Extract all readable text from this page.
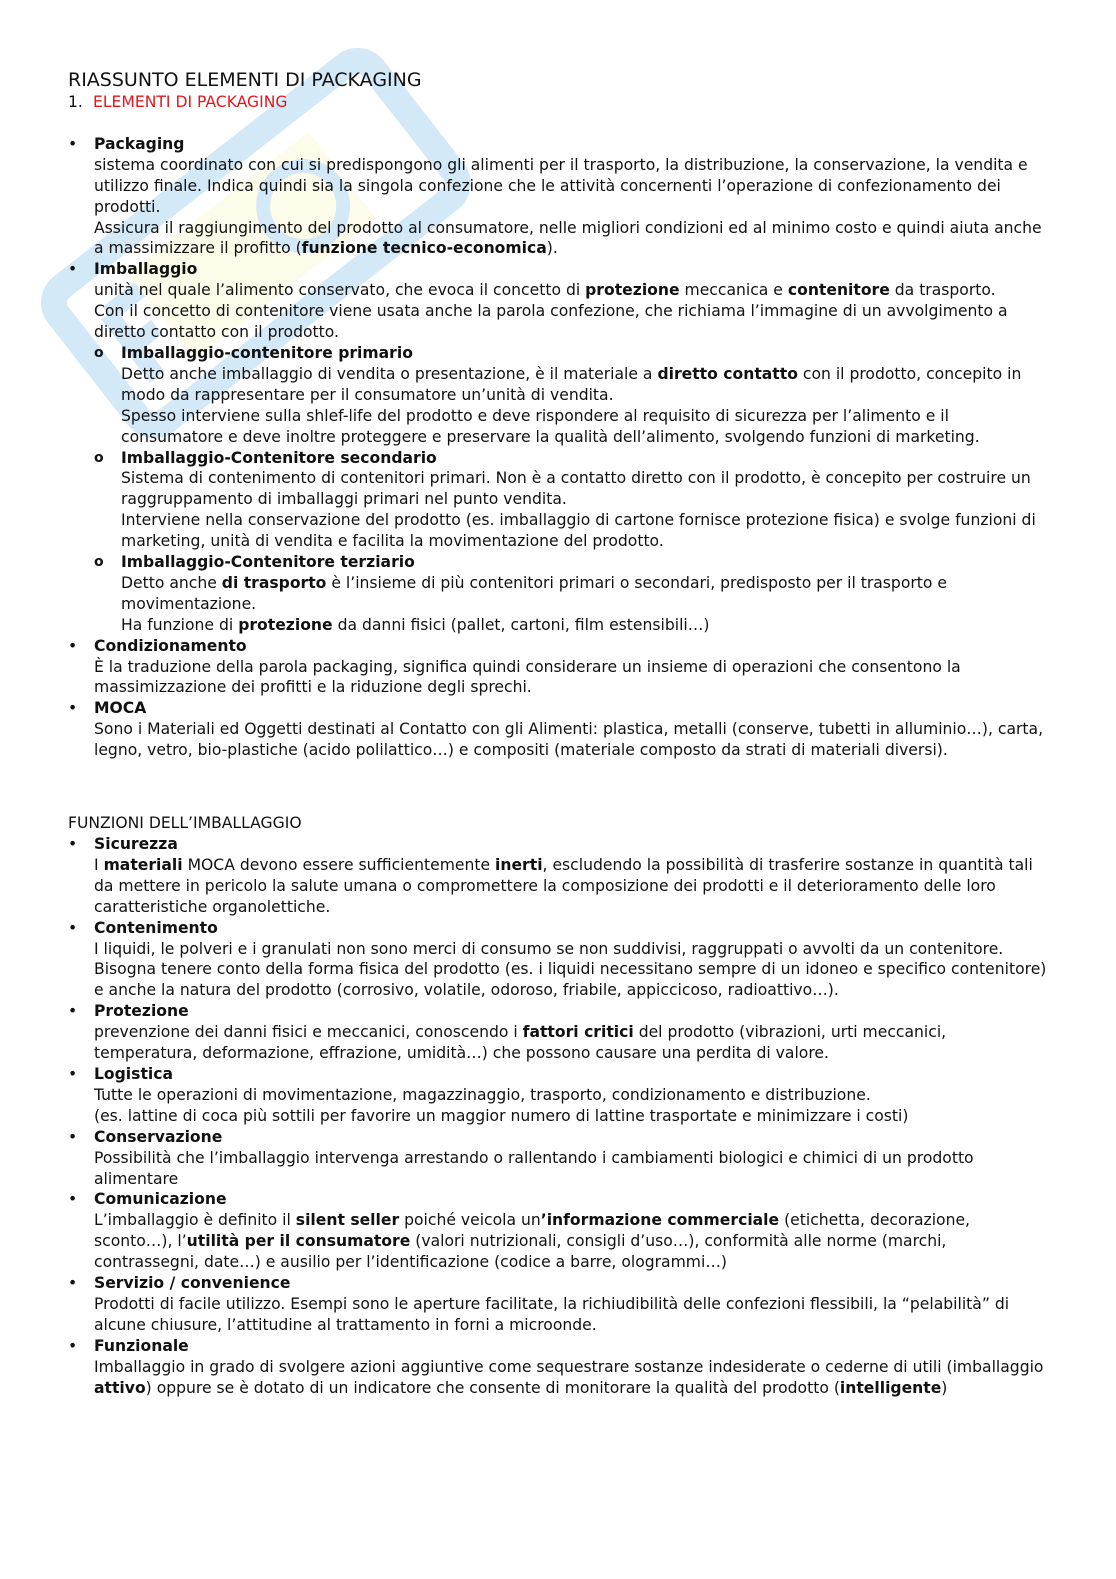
RIASSUNTO ELEMENTI DI PACKAGING

1. ELEMENTI DI PACKAGING

•	Packaging

sistema coordinato con cui si predispongono gli alimenti per il trasporto, la distribuzione, la conservazione, la vendita e utilizzo finale. Indica quindi sia la singola confezione che le attività concernenti l’operazione di confezionamento dei prodotti.

Assicura il raggiungimento del prodotto al consumatore, nelle migliori condizioni ed al minimo costo e quindi aiuta anche a massimizzare il profitto (funzione tecnico-economica).

•	Imballaggio

unità nel quale l’alimento conservato, che evoca il concetto di protezione meccanica e contenitore da trasporto.

Con il concetto di contenitore viene usata anche la parola confezione, che richiama l’immagine di un avvolgimento a diretto contatto con il prodotto.

o Imballaggio-contenitore primario

Detto anche imballaggio di vendita o presentazione, è il materiale a diretto contatto con il prodotto, concepito in modo da rappresentare per il consumatore un’unità di vendita.

Spesso interviene sulla shlef-life del prodotto e deve rispondere al requisito di sicurezza per l’alimento e il consumatore e deve inoltre proteggere e preservare la qualità dell’alimento, svolgendo funzioni di marketing.

o Imballaggio-Contenitore secondario

Sistema di contenimento di contenitori primari. Non è a contatto diretto con il prodotto, è concepito per costruire un raggruppamento di imballaggi primari nel punto vendita.

Interviene nella conservazione del prodotto (es. imballaggio di cartone fornisce protezione fisica) e svolge funzioni di marketing, unità di vendita e facilita la movimentazione del prodotto.

o Imballaggio-Contenitore terziario

Detto anche di trasporto è l’insieme di più contenitori primari o secondari, predisposto per il trasporto e movimentazione.

Ha funzione di protezione da danni fisici (pallet, cartoni, film estensibili…)

•	Condizionamento

È la traduzione della parola packaging, significa quindi considerare un insieme di operazioni che consentono la massimizzazione dei profitti e la riduzione degli sprechi.

•	MOCA

Sono i Materiali ed Oggetti destinati al Contatto con gli Alimenti: plastica, metalli (conserve, tubetti in alluminio…), carta, legno, vetro, bio-plastiche (acido polilattico…) e compositi (materiale composto da strati di materiali diversi).

FUNZIONI DELL’IMBALLAGGIO

•	Sicurezza

I materiali MOCA devono essere sufficientemente inerti, escludendo la possibilità di trasferire sostanze in quantità tali da mettere in pericolo la salute umana o compromettere la composizione dei prodotti e il deterioramento delle loro caratteristiche organolettiche.

•	Contenimento

I liquidi, le polveri e i granulati non sono merci di consumo se non suddivisi, raggruppati o avvolti da un contenitore.

Bisogna tenere conto della forma fisica del prodotto (es. i liquidi necessitano sempre di un idoneo e specifico contenitore) e anche la natura del prodotto (corrosivo, volatile, odoroso, friabile, appiccicoso, radioattivo…).

•	Protezione

prevenzione dei danni fisici e meccanici, conoscendo i fattori critici del prodotto (vibrazioni, urti meccanici, temperatura, deformazione, effrazione, umidità…) che possono causare una perdita di valore.

•	Logistica

Tutte le operazioni di movimentazione, magazzinaggio, trasporto, condizionamento e distribuzione.

(es. lattine di coca più sottili per favorire un maggior numero di lattine trasportate e minimizzare i costi)

•	Conservazione

Possibilità che l’imballaggio intervenga arrestando o rallentando i cambiamenti biologici e chimici di un prodotto alimentare

•	Comunicazione

L’imballaggio è definito il silent seller poiché veicola un’informazione commerciale (etichetta, decorazione, sconto…), l’utilità per il consumatore (valori nutrizionali, consigli d’uso…), conformità alle norme (marchi, contrassegni, date…) e ausilio per l’identificazione (codice a barre, ologrammi…)

•	Servizio / convenience

Prodotti di facile utilizzo. Esempi sono le aperture facilitate, la richiudibilità delle confezioni flessibili, la “pelabilità” di alcune chiusure, l’attitudine al trattamento in forni a microonde.

•	Funzionale

Imballaggio in grado di svolgere azioni aggiuntive come sequestrare sostanze indesiderate o cederne di utili (imballaggio attivo) oppure se è dotato di un indicatore che consente di monitorare la qualità del prodotto (intelligente)
